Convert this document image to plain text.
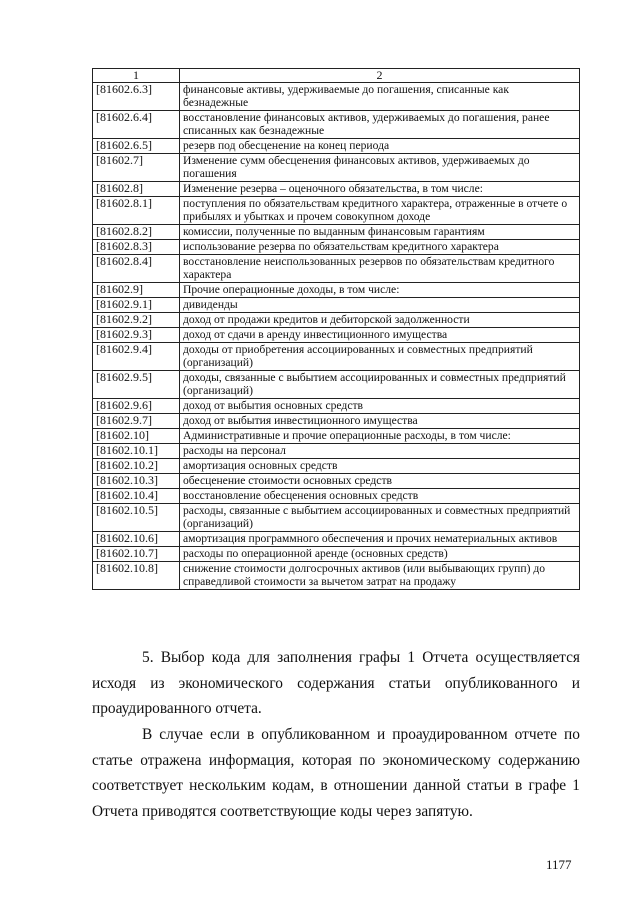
1	2
[81602.6.3]	финансовые активы, удерживаемые до погашения, списанные как безнадежные
[81602.6.4]	восстановление финансовых активов, удерживаемых до погашения, ранее списанных как безнадежные
[81602.6.5]	резерв под обесценение на конец периода
[81602.7]	Изменение сумм обесценения финансовых активов, удерживаемых до погашения
[81602.8]	Изменение резерва – оценочного обязательства, в том числе:
[81602.8.1]	поступления по обязательствам кредитного характера, отраженные в отчете о прибылях и убытках и прочем совокупном доходе
[81602.8.2]	комиссии, полученные по выданным финансовым гарантиям
[81602.8.3]	использование резерва по обязательствам кредитного характера
[81602.8.4]	восстановление неиспользованных резервов по обязательствам кредитного характера
[81602.9]	Прочие операционные доходы, в том числе:
[81602.9.1]	дивиденды
[81602.9.2]	доход от продажи кредитов и дебиторской задолженности
[81602.9.3]	доход от сдачи в аренду инвестиционного имущества
[81602.9.4]	доходы от приобретения ассоциированных и совместных предприятий (организаций)
[81602.9.5]	доходы, связанные с выбытием ассоциированных и совместных предприятий (организаций)
[81602.9.6]	доход от выбытия основных средств
[81602.9.7]	доход от выбытия инвестиционного имущества
[81602.10]	Административные и прочие операционные расходы, в том числе:
[81602.10.1]	расходы на персонал
[81602.10.2]	амортизация основных средств
[81602.10.3]	обесценение стоимости основных средств
[81602.10.4]	восстановление обесценения основных средств
[81602.10.5]	расходы, связанные с выбытием ассоциированных и совместных предприятий (организаций)
[81602.10.6]	амортизация программного обеспечения и прочих нематериальных активов
[81602.10.7]	расходы по операционной аренде (основных средств)
[81602.10.8]	снижение стоимости долгосрочных активов (или выбывающих групп) до справедливой стоимости за вычетом затрат на продажу

5. Выбор кода для заполнения графы 1 Отчета осуществляется исходя из экономического содержания статьи опубликованного и проаудированного отчета.

В случае если в опубликованном и проаудированном отчете по статье отражена информация, которая по экономическому содержанию соответствует нескольким кодам, в отношении данной статьи в графе 1 Отчета приводятся соответствующие коды через запятую.

1177
